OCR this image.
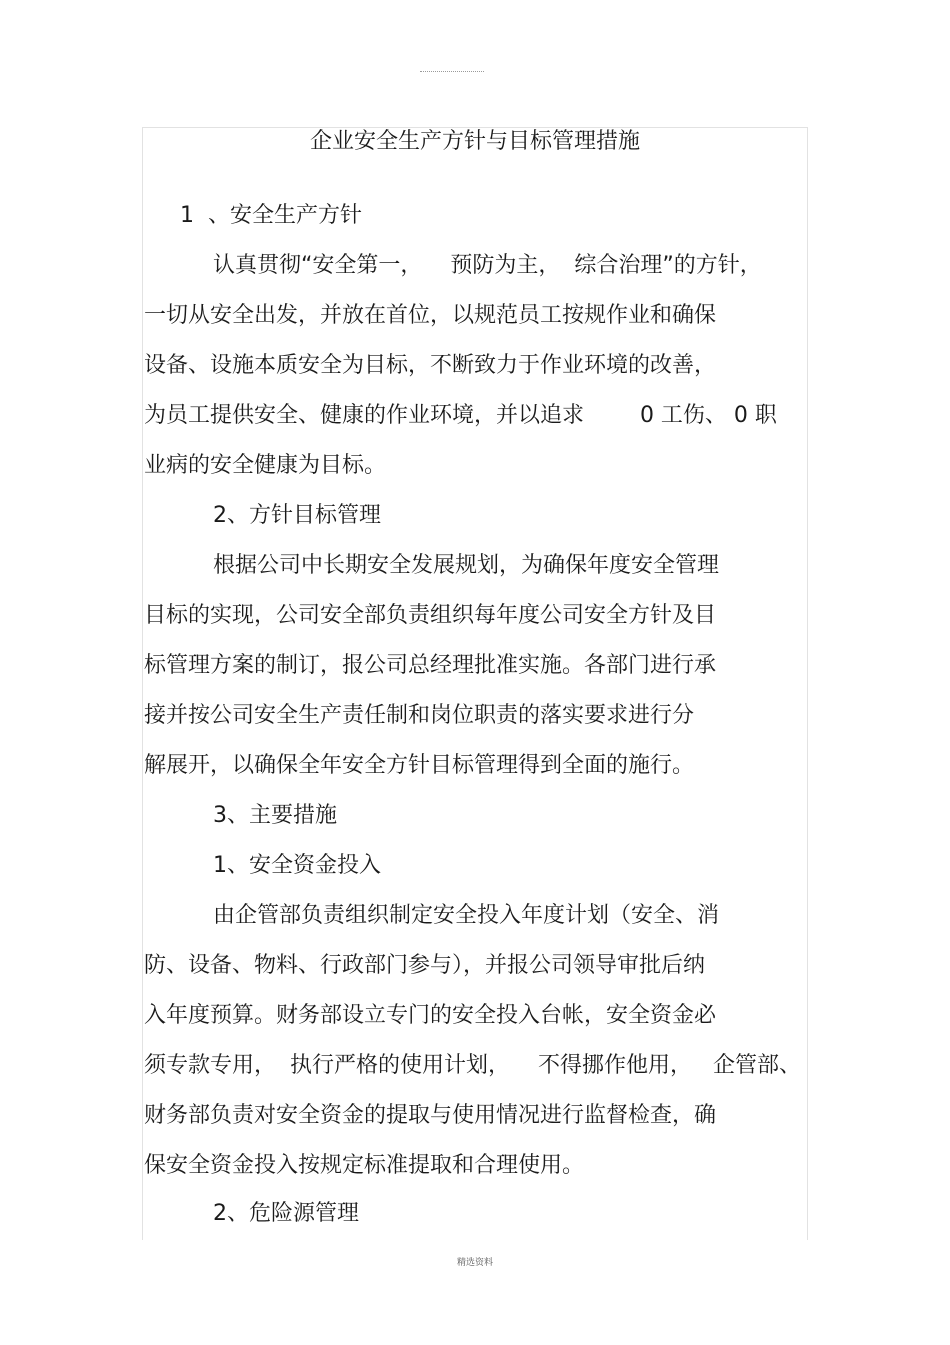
企业安全生产方针与目标管理措施
1  、安全生产方针
认真贯彻“安全第一，    预防为主，  综合治理”的方针，
一切从安全出发，并放在首位，以规范员工按规作业和确保
设备、设施本质安全为目标，不断致力于作业环境的改善，
为员工提供安全、健康的作业环境，并以追求        0 工伤、 0 职
业病的安全健康为目标。
2、方针目标管理
根据公司中长期安全发展规划，为确保年度安全管理
目标的实现，公司安全部负责组织每年度公司安全方针及目
标管理方案的制订，报公司总经理批准实施。各部门进行承
接并按公司安全生产责任制和岗位职责的落实要求进行分
解展开，以确保全年安全方针目标管理得到全面的施行。
3、主要措施
1、安全资金投入
由企管部负责组织制定安全投入年度计划（安全、消
防、设备、物料、行政部门参与），并报公司领导审批后纳
入年度预算。财务部设立专门的安全投入台帐，安全资金必
须专款专用，  执行严格的使用计划，    不得挪作他用，   企管部、
财务部负责对安全资金的提取与使用情况进行监督检查，确
保安全资金投入按规定标准提取和合理使用。
2、危险源管理
精选资料
